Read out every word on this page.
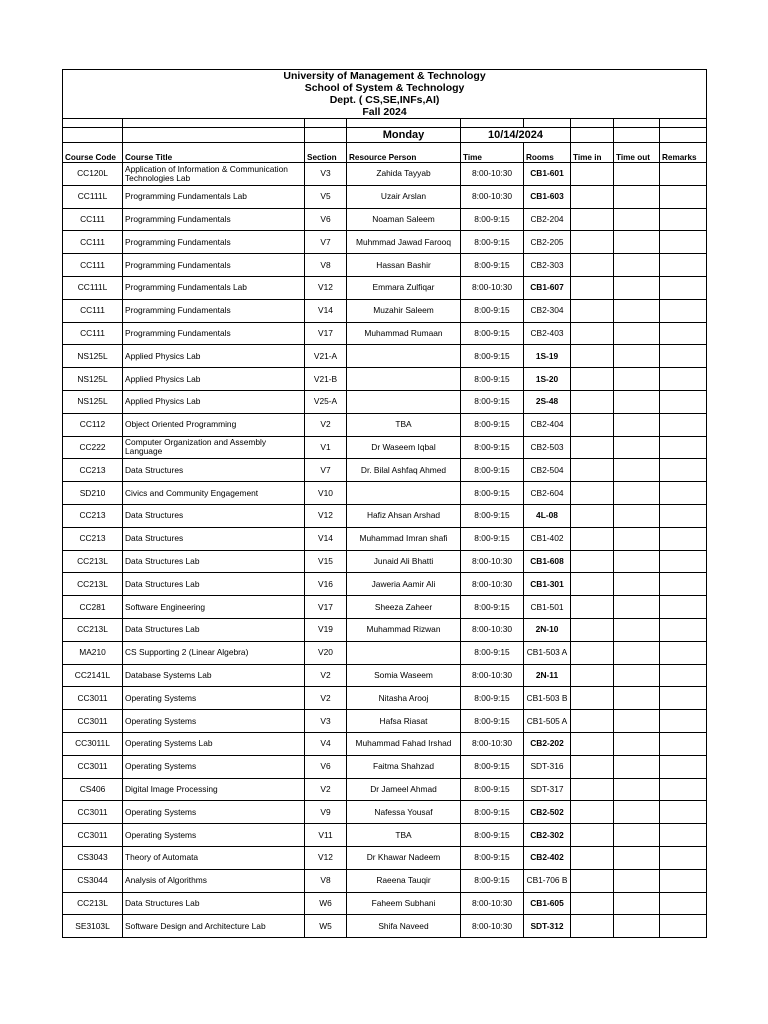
University of Management & Technology								
School of System & Technology								
Dept. ( CS,SE,INFs,AI)								
Fall 2024								

			Monday	10/14/2024				
Course Code	Course Title	Section	Resource Person	Time	Rooms	Time in	Time out	Remarks
CC120L	Application of Information & Communication Technologies Lab	V3	Zahida Tayyab	8:00-10:30	CB1-601			
CC111L	Programming Fundamentals Lab	V5	Uzair Arslan	8:00-10:30	CB1-603			
CC111	Programming Fundamentals	V6	Noaman Saleem	8:00-9:15	CB2-204			
CC111	Programming Fundamentals	V7	Muhmmad Jawad Farooq	8:00-9:15	CB2-205			
CC111	Programming Fundamentals	V8	Hassan Bashir	8:00-9:15	CB2-303			
CC111L	Programming Fundamentals Lab	V12	Emmara Zulfiqar	8:00-10:30	CB1-607			
CC111	Programming Fundamentals	V14	Muzahir Saleem	8:00-9:15	CB2-304			
CC111	Programming Fundamentals	V17	Muhammad Rumaan	8:00-9:15	CB2-403			
NS125L	Applied Physics Lab	V21-A		8:00-9:15	1S-19			
NS125L	Applied Physics Lab	V21-B		8:00-9:15	1S-20			
NS125L	Applied Physics Lab	V25-A		8:00-9:15	2S-48			
CC112	Object Oriented Programming	V2	TBA	8:00-9:15	CB2-404			
CC222	Computer Organization and Assembly Language	V1	Dr Waseem Iqbal	8:00-9:15	CB2-503			
CC213	Data Structures	V7	Dr. Bilal Ashfaq Ahmed	8:00-9:15	CB2-504			
SD210	Civics and Community Engagement	V10		8:00-9:15	CB2-604			
CC213	Data Structures	V12	Hafiz Ahsan Arshad	8:00-9:15	4L-08			
CC213	Data Structures	V14	Muhammad Imran shafi	8:00-9:15	CB1-402			
CC213L	Data Structures Lab	V15	Junaid Ali Bhatti	8:00-10:30	CB1-608			
CC213L	Data Structures Lab	V16	Jaweria Aamir Ali	8:00-10:30	CB1-301			
CC281	Software Engineering	V17	Sheeza Zaheer	8:00-9:15	CB1-501			
CC213L	Data Structures Lab	V19	Muhammad Rizwan	8:00-10:30	2N-10			
MA210	CS Supporting 2 (Linear Algebra)	V20		8:00-9:15	CB1-503 A			
CC2141L	Database Systems Lab	V2	Somia Waseem	8:00-10:30	2N-11			
CC3011	Operating Systems	V2	Nitasha Arooj	8:00-9:15	CB1-503 B			
CC3011	Operating Systems	V3	Hafsa Riasat	8:00-9:15	CB1-505 A			
CC3011L	Operating Systems Lab	V4	Muhammad Fahad Irshad	8:00-10:30	CB2-202			
CC3011	Operating Systems	V6	Faitma Shahzad	8:00-9:15	SDT-316			
CS406	Digital Image Processing	V2	Dr Jameel Ahmad	8:00-9:15	SDT-317			
CC3011	Operating Systems	V9	Nafessa Yousaf	8:00-9:15	CB2-502			
CC3011	Operating Systems	V11	TBA	8:00-9:15	CB2-302			
CS3043	Theory of Automata	V12	Dr Khawar Nadeem	8:00-9:15	CB2-402			
CS3044	Analysis of Algorithms	V8	Raeena Tauqir	8:00-9:15	CB1-706 B			
CC213L	Data Structures Lab	W6	Faheem Subhani	8:00-10:30	CB1-605			
SE3103L	Software Design and Architecture Lab	W5	Shifa Naveed	8:00-10:30	SDT-312			
